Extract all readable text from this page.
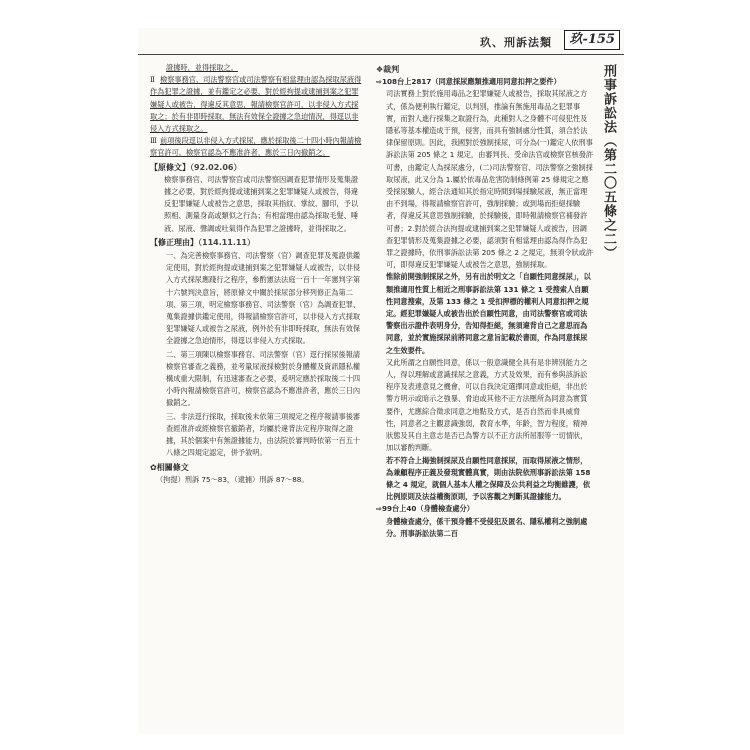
玖、刑訴法類	玖-155
刑事訴訟法（第二〇五條之二）

證據時，並得採取之。

Ⅱ 檢察事務官、司法警察官或司法警察有相當理由認為採取尿液得作為犯罪之證據，並有鑑定之必要，對於經拘提或逮捕到案之犯罪嫌疑人或被告，得違反其意思，報請檢察官許可，以非侵入方式採取之；於有非即時採取，無法有效保全證據之急迫情況，得逕以非侵入方式採取之。

Ⅲ 前項後段逕以非侵入方式採尿，應於採取後二十四小時內報請檢察官許可。檢察官認為不應准許者，應於三日內撤銷之。

【原條文】（92.02.06）

檢察事務官、司法警察官或司法警察因調查犯罪情形及蒐集證據之必要，對於經拘提或逮捕到案之犯罪嫌疑人或被告，得違反犯罪嫌疑人或被告之意思，採取其指紋、掌紋、腳印，予以照相、測量身高或類似之行為；有相當理由認為採取毛髮、唾液、尿液、聲調或吐氣得作為犯罪之證據時，並得採取之。

【修正理由】（114.11.11）

一、為完善檢察事務官、司法警察（官）調查犯罪及蒐證供鑑定使用，對於經拘提或逮捕到案之犯罪嫌疑人或被告，以非侵入方式採尿應踐行之程序，參酌憲法法庭一百十一年憲判字第十六號判決意旨，將原條文中關於採尿部分移列修正為第二項、第三項，明定檢察事務官、司法警察（官）為調查犯罪、蒐集證據供鑑定使用，得報請檢察官許可，以非侵入方式採取犯罪嫌疑人或被告之尿液，例外於有非即時採取，無法有效保全證據之急迫情形，得逕以非侵入方式採取。

二、第三項陳以檢察事務官、司法警察（官）逕行採尿後報請檢察官審查之義務，並考量尿液採檢對於身體權及資訊隱私權構成重大限制，有迅速審查之必要，爰明定應於採取後二十四小時內報請檢察官許可，檢察官認為不應准許者，應於三日內撤銷之。

三、非法逕行採取，採取後未依第三項規定之程序報請事後審查經准許或經檢察官撤銷者，均屬於違背法定程序取得之證據，其於個案中有無證據能力，由法院於審判時依第一百五十八條之四規定認定，併予敘明。

✿相關條文

（拘提）刑訴 75～83，（逮捕）刑訴 87～88。

❖裁判

⇨108台上2817（同意採尿應類推適用同意扣押之要件）

司法實務上對於施用毒品之犯罪嫌疑人或被告，採取其尿液之方式，係為便利執行鑑定，以判別，推論有無施用毒品之犯罪事實，而對人進行採集之取證行為，此種對人之身體不可侵犯性及隱私等基本權造成干預，侵害，而具有強制處分性質，須合於法律保留原則。因此，我國對於強制採尿，可分為(一)鑑定人依刑事訴訟法第 205 條之 1 規定，由審判長、受命法官或檢察官核發許可書，由鑑定人為採尿處分，(二)司法警察官、司法警察之強制採取尿液，此又分為 1.屬於依毒品危害防制條例第 25 條規定之應受採尿驗人，經合法通知其於指定時間到場採驗尿液，無正當理由不到場，得報請檢察官許可，強制採驗；或到場而拒絕採驗者，得違反其意思強制採驗，於採驗後，即時報請檢察官補發許可書；2.對於經合法拘提或逮捕到案之犯罪嫌疑人或被告，因調查犯罪情形及蒐集證據之必要，認須對有相當理由認為得作為犯罪之證據時，依刑事訴訟法第 205 條之 2 之規定，無須令狀或許可，即得違反犯罪嫌疑人或被告之意思，強制採取。

惟除前開強制採尿之外，另有出於明文之「自願性同意採尿」，以類推適用性質上相近之刑事訴訟法第 131 條之 1 受搜索人自願性同意搜索，及第 133 條之 1 受扣押標的權利人同意扣押之規定。經犯罪嫌疑人或被告出於自願性同意，由司法警察官或司法警察出示證件表明身分，告知得拒絕，無須違背自己之意思而為同意，並於實施採尿前將同意之意旨記載於書面，作為同意採尿之生效要件。

又此所謂之自願性同意，係以一般意識健全具有是非辨別能力之人，得以理解或意識採尿之意義，方式及效果，而有參與該訴訟程序及表達意見之機會，可以自我決定選擇同意或拒絕，非出於警方明示或暗示之強暴、脅迫或其他不正方法壓所為同意為實質要件，尤應綜合徵求同意之地點及方式，是否自然而非具威脅性，同意者之主觀意識強弱，教育水準，年齡，智力程度，精神狀態及其自主意志是否已為警方以不正方法所屈服等一切情狀，加以審酌判斷。

若不符合上揭強制採尿及自願性同意採尿，而取得尿液之情形，為兼顧程序正義及發現實體真實，則由法院依刑事訴訟法第 158 條之 4 規定，就個人基本人權之保障及公共利益之均衡維護，依比例原則及法益權衡原則，予以客觀之判斷其證據能力。

⇨99台上40（身體檢查處分）

身體檢查處分，係干預身體不受侵犯及匿名、隱私權利之強制處分。刑事訴訟法第二百
